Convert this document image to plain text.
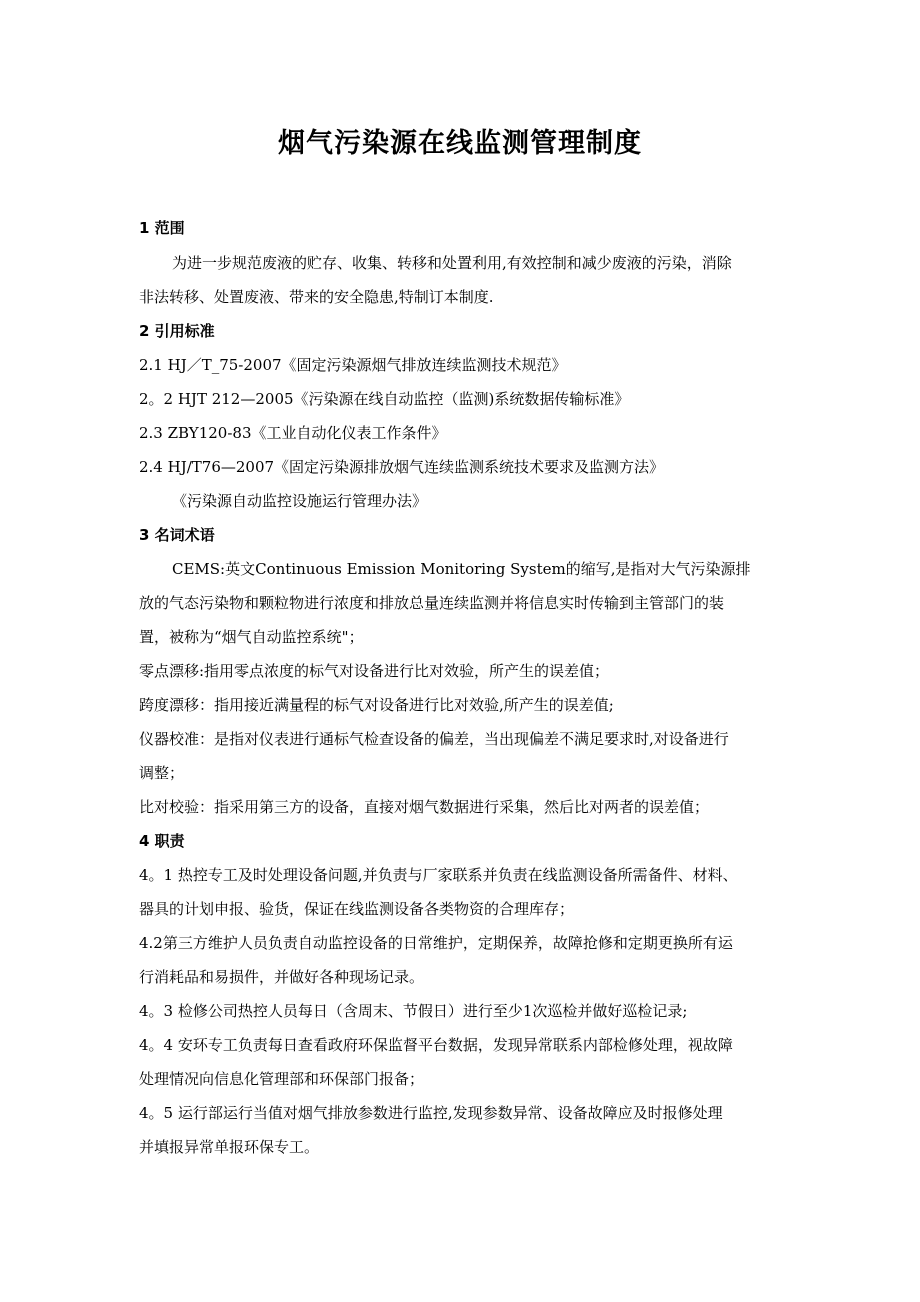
烟气污染源在线监测管理制度
1 范围
为进一步规范废液的贮存、收集、转移和处置利用,有效控制和减少废液的污染，消除
非法转移、处置废液、带来的安全隐患,特制订本制度.
2 引用标准
2.1 HJ／T_75-2007《固定污染源烟气排放连续监测技术规范》
2。2 HJT 212—2005《污染源在线自动监控（监测)系统数据传输标准》
2.3 ZBY120-83《工业自动化仪表工作条件》
2.4 HJ/T76—2007《固定污染源排放烟气连续监测系统技术要求及监测方法》
《污染源自动监控设施运行管理办法》
3 名词术语
CEMS:英文Continuous Emission Monitoring System的缩写,是指对大气污染源排
放的气态污染物和颗粒物进行浓度和排放总量连续监测并将信息实时传输到主管部门的装
置，被称为“烟气自动监控系统"；
零点漂移:指用零点浓度的标气对设备进行比对效验，所产生的误差值；
跨度漂移：指用接近满量程的标气对设备进行比对效验,所产生的误差值;
仪器校准：是指对仪表进行通标气检查设备的偏差，当出现偏差不满足要求时,对设备进行
调整；
比对校验：指采用第三方的设备，直接对烟气数据进行采集，然后比对两者的误差值；
4 职责
4。1 热控专工及时处理设备问题,并负责与厂家联系并负责在线监测设备所需备件、材料、
器具的计划申报、验货，保证在线监测设备各类物资的合理库存；
4.2第三方维护人员负责自动监控设备的日常维护，定期保养，故障抢修和定期更换所有运
行消耗品和易损件，并做好各种现场记录。
4。3 检修公司热控人员每日（含周末、节假日）进行至少1次巡检并做好巡检记录;
4。4 安环专工负责每日查看政府环保监督平台数据，发现异常联系内部检修处理，视故障
处理情况向信息化管理部和环保部门报备；
4。5 运行部运行当值对烟气排放参数进行监控,发现参数异常、设备故障应及时报修处理
并填报异常单报环保专工。
